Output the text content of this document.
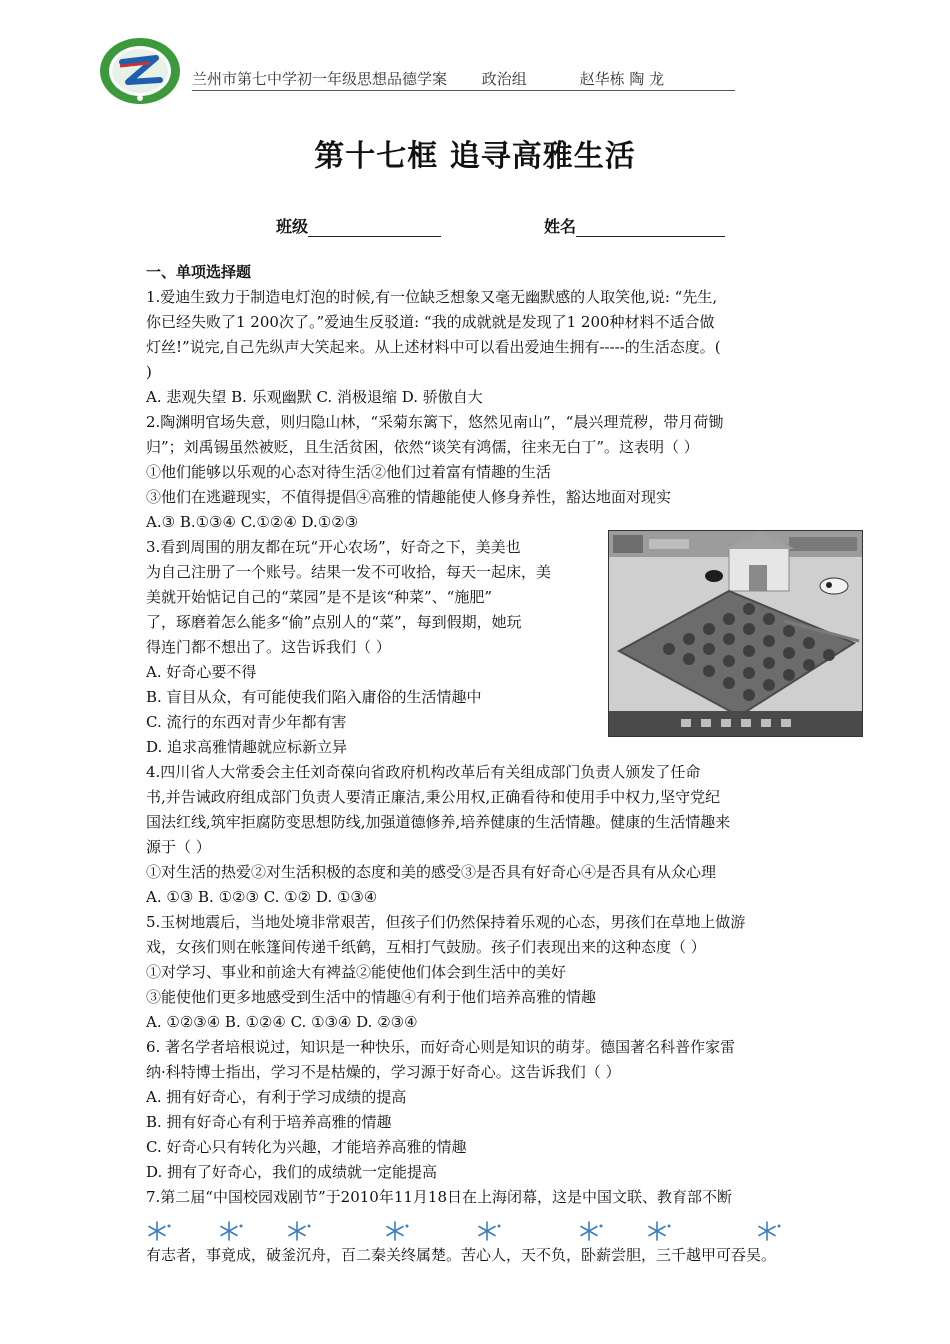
兰州市第七中学初一年级思想品德学案 政治组	赵华栋 陶 龙
第十七框 追寻高雅生活
班级	姓名
一、单项选择题
1.爱迪生致力于制造电灯泡的时候,有一位缺乏想象又毫无幽默感的人取笑他,说: “先生,
你已经失败了1 200次了。”爱迪生反驳道: “我的成就就是发现了1 200种材料不适合做
灯丝!”说完,自己先纵声大笑起来。从上述材料中可以看出爱迪生拥有-----的生活态度。(
)
A. 悲观失望 B. 乐观幽默 C. 消极退缩 D. 骄傲自大
2.陶渊明官场失意，则归隐山林，“采菊东篱下，悠然见南山”，“晨兴理荒秽，带月荷锄
归”；刘禹锡虽然被贬，且生活贫困，依然“谈笑有鸿儒，往来无白丁”。这表明（ ）
①他们能够以乐观的心态对待生活②他们过着富有情趣的生活
③他们在逃避现实，不值得提倡④高雅的情趣能使人修身养性，豁达地面对现实
A.③ B.①③④ C.①②④ D.①②③
3.看到周围的朋友都在玩“开心农场”，好奇之下，美美也
为自己注册了一个账号。结果一发不可收拾，每天一起床，美
美就开始惦记自己的“菜园”是不是该“种菜”、“施肥”
了，琢磨着怎么能多“偷”点别人的“菜”，每到假期，她玩
得连门都不想出了。这告诉我们（ ）
A. 好奇心要不得
B. 盲目从众，有可能使我们陷入庸俗的生活情趣中
C. 流行的东西对青少年都有害
D. 追求高雅情趣就应标新立异
4.四川省人大常委会主任刘奇葆向省政府机构改革后有关组成部门负责人颁发了任命
书,并告诫政府组成部门负责人要清正廉洁,秉公用权,正确看待和使用手中权力,坚守党纪
国法红线,筑牢拒腐防变思想防线,加强道德修养,培养健康的生活情趣。健康的生活情趣来
源于（ ）
①对生活的热爱②对生活积极的态度和美的感受③是否具有好奇心④是否具有从众心理
A. ①③ B. ①②③ C. ①② D. ①③④
5.玉树地震后，当地处境非常艰苦，但孩子们仍然保持着乐观的心态，男孩们在草地上做游
戏，女孩们则在帐篷间传递千纸鹤，互相打气鼓励。孩子们表现出来的这种态度（ ）
①对学习、事业和前途大有裨益②能使他们体会到生活中的美好
③能使他们更多地感受到生活中的情趣④有利于他们培养高雅的情趣
A. ①②③④ B. ①②④ C. ①③④ D. ②③④
6. 著名学者培根说过，知识是一种快乐，而好奇心则是知识的萌芽。德国著名科普作家雷
纳·科特博士指出，学习不是枯燥的，学习源于好奇心。这告诉我们（ ）
A. 拥有好奇心，有利于学习成绩的提高
B. 拥有好奇心有利于培养高雅的情趣
C. 好奇心只有转化为兴趣，才能培养高雅的情趣
D. 拥有了好奇心，我们的成绩就一定能提高
7.第二届“中国校园戏剧节”于2010年11月18日在上海闭幕，这是中国文联、教育部不断
有志者，事竟成，破釜沉舟，百二秦关终属楚。苦心人，天不负，卧薪尝胆，三千越甲可吞吴。
